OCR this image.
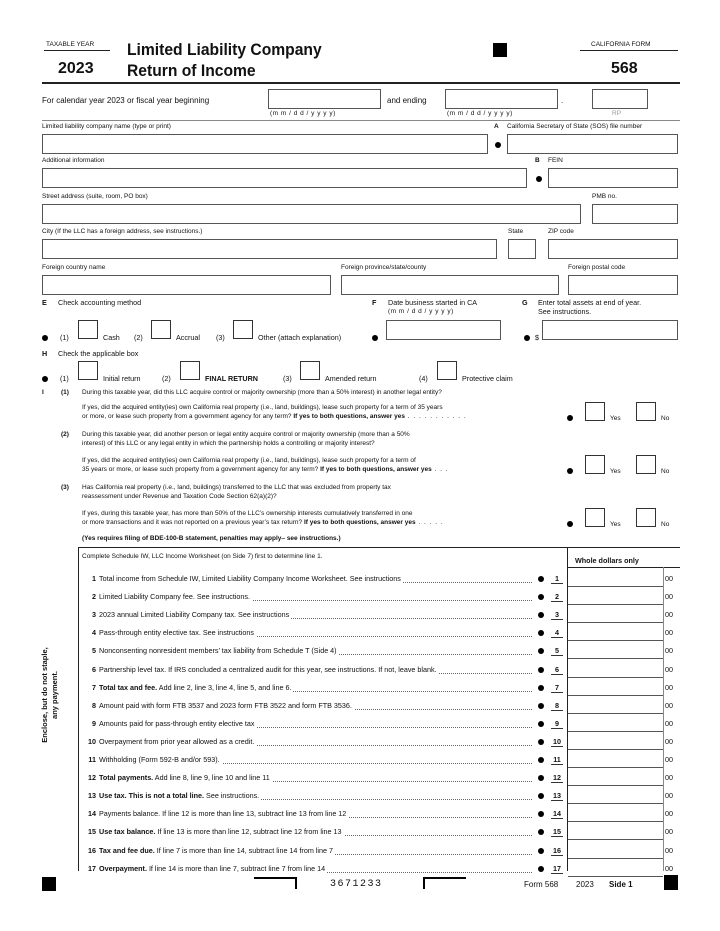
TAXABLE YEAR
2023
Limited Liability Company
Return of Income
CALIFORNIA FORM
568
For calendar year 2023 or fiscal year beginning
(m m / d d / y y y y)
and ending
(m m / d d / y y y y)
.
RP
Limited liability company name (type or print)	A California Secretary of State (SOS) file number
Additional information	B FEIN
Street address (suite, room, PO box)	PMB no.
City (If the LLC has a foreign address, see instructions.)	State	ZIP code
Foreign country name	Foreign province/state/county	Foreign postal code
E Check accounting method
(1)	Cash (2)	Accrual (3)	Other (attach explanation)
F Date business started in CA
(m m / d d / y y y y)
G Enter total assets at end of year.
See instructions.
$
H Check the applicable box
(1)	Initial return	(2)	FINAL RETURN	(3)	Amended return	(4)	Protective claim
I	(1) During this taxable year, did this LLC acquire control or majority ownership (more than a 50% interest) in another legal entity?
If yes, did the acquired entity(ies) own California real property (i.e., land, buildings), lease such property for a term of 35 years
or more, or lease such property from a government agency for any term? If yes to both questions, answer yes . . . . . . . . . . .	Yes	No
(2) During this taxable year, did another person or legal entity acquire control or majority ownership (more than a 50%
interest) of this LLC or any legal entity in which the partnership holds a controlling or majority interest?
If yes, did the acquired entity(ies) own California real property (i.e., land, buildings), lease such property for a term of
35 years or more, or lease such property from a government agency for any term? If yes to both questions, answer yes . . .	Yes	No
(3) Has California real property (i.e., land, buildings) transferred to the LLC that was excluded from property tax
reassessment under Revenue and Taxation Code Section 62(a)(2)?
If yes, during this taxable year, has more than 50% of the LLC’s ownership interests cumulatively transferred in one
or more transactions and it was not reported on a previous year’s tax return? If yes to both questions, answer yes . . . . .
(Yes requires filing of BDE-100-B statement, penalties may apply– see instructions.)
Yes	No
Complete Schedule IW, LLC Income Worksheet (on Side 7) first to determine line 1.	Whole dollars only
Enclose, but do not staple, any payment.
1 Total income from Schedule IW, Limited Liability Company Income Worksheet. See instructions	1	00
2 Limited Liability Company fee. See instructions.	2	00
3 2023 annual Limited Liability Company tax. See instructions	3	00
4 Pass-through entity elective tax. See instructions	4	00
5 Nonconsenting nonresident members’ tax liability from Schedule T (Side 4)	5	00
6 Partnership level tax. If IRS concluded a centralized audit for this year, see instructions. If not, leave blank.	6	00
7 Total tax and fee. Add line 2, line 3, line 4, line 5, and line 6.	7	00
8 Amount paid with form FTB 3537 and 2023 form FTB 3522 and form FTB 3536.	8	00
9 Amounts paid for pass-through entity elective tax	9	00
10 Overpayment from prior year allowed as a credit.	10	00
11 Withholding (Form 592-B and/or 593).	11	00
12 Total payments. Add line 8, line 9, line 10 and line 11	12	00
13 Use tax. This is not a total line. See instructions.	13	00
14 Payments balance. If line 12 is more than line 13, subtract line 13 from line 12	14	00
15 Use tax balance. If line 13 is more than line 12, subtract line 12 from line 13	15	00
16 Tax and fee due. If line 7 is more than line 14, subtract line 14 from line 7	16	00
17 Overpayment. If line 14 is more than line 7, subtract line 7 from line 14	17	00
3671233	Form 568 2023 Side 1
